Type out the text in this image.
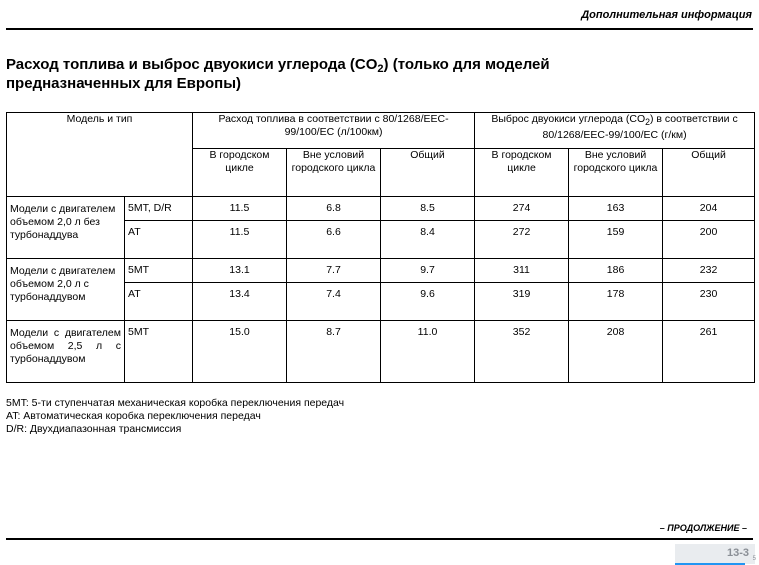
Дополнительная информация
Расход топлива и выброс двуокиси углерода $(CO_2)$ (только для моделей
предназначенных для Европы)
Модель и тип		Расход топлива в соответствии с 80/1268/EEC-99/100/EC (л/100км)			Выброс двуокиси углерода $(CO_2)$ в соответствии с 80/1268/EEC-99/100/EC (г/км)		
		В городском цикле	Вне условий городского цикла	Общий	В городском цикле	Вне условий городского цикла	Общий
Модели с двигателем объемом 2,0 л без турбонаддува	5MT, D/R	11.5	6.8	8.5	274	163	204
	AT	11.5	6.6	8.4	272	159	200
Модели с двигателем объемом 2,0 л с турбонаддувом	5MT	13.1	7.7	9.7	311	186	232
	AT	13.4	7.4	9.6	319	178	230
Модели с двигателем объемом 2,5 л с турбонаддувом	5MT	15.0	8.7	11.0	352	208	261
5MT: 5-ти ступенчатая механическая коробка переключения передач
AT: Автоматическая коробка переключения передач
D/R: Двухдиапазонная трансмиссия
– ПРОДОЛЖЕНИЕ –
13-3 5
